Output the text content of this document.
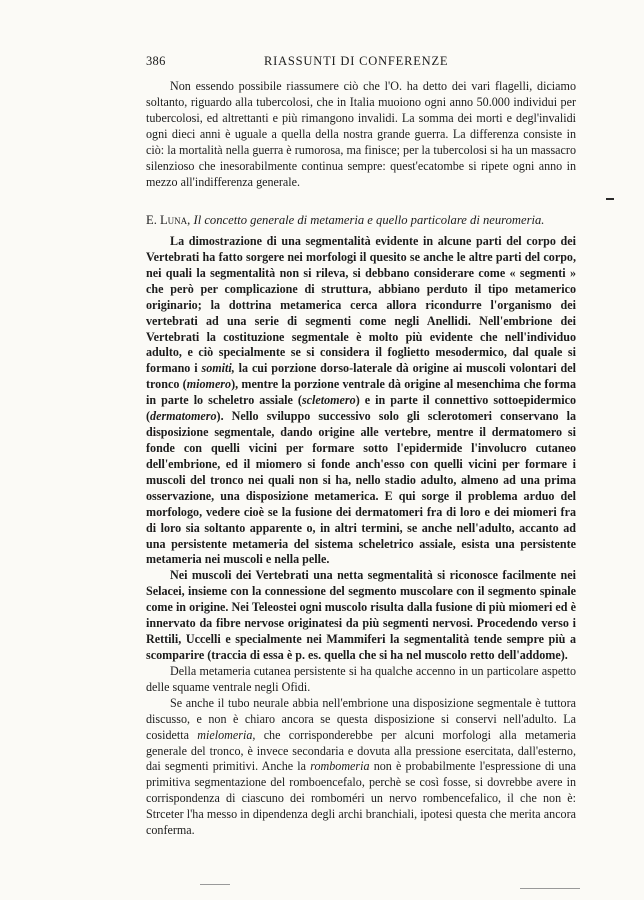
386	RIASSUNTI DI CONFERENZE

Non essendo possibile riassumere ciò che l'O. ha detto dei vari flagelli, diciamo soltanto, riguardo alla tubercolosi, che in Italia muoiono ogni anno 50.000 individui per tubercolosi, ed altrettanti e più rimangono invalidi. La somma dei morti e degl'invalidi ogni dieci anni è uguale a quella della nostra grande guerra. La differenza consiste in ciò: la mortalità nella guerra è rumorosa, ma finisce; per la tubercolosi si ha un massacro silenzioso che inesorabilmente continua sempre: quest'ecatombe si ripete ogni anno in mezzo all'indifferenza generale.

E. Luna, Il concetto generale di metameria e quello particolare di neuromeria.

La dimostrazione di una segmentalità evidente in alcune parti del corpo dei Vertebrati ha fatto sorgere nei morfologi il quesito se anche le altre parti del corpo, nei quali la segmentalità non si rileva, si debbano considerare come « segmenti » che però per complicazione di struttura, abbiano perduto il tipo metamerico originario; la dottrina metamerica cerca allora ricondurre l'organismo dei vertebrati ad una serie di segmenti come negli Anellidi. Nell'embrione dei Vertebrati la costituzione segmentale è molto più evidente che nell'individuo adulto, e ciò specialmente se si considera il foglietto mesodermico, dal quale si formano i somiti, la cui porzione dorso-laterale dà origine ai muscoli volontari del tronco (miomero), mentre la porzione ventrale dà origine al mesenchima che forma in parte lo scheletro assiale (scletomero) e in parte il connettivo sottoepidermico (dermatomero). Nello sviluppo successivo solo gli sclerotomeri conservano la disposizione segmentale, dando origine alle vertebre, mentre il dermatomero si fonde con quelli vicini per formare sotto l'epidermide l'involucro cutaneo dell'embrione, ed il miomero si fonde anch'esso con quelli vicini per formare i muscoli del tronco nei quali non si ha, nello stadio adulto, almeno ad una prima osservazione, una disposizione metamerica. E qui sorge il problema arduo del morfologo, vedere cioè se la fusione dei dermatomeri fra di loro e dei miomeri fra di loro sia soltanto apparente o, in altri termini, se anche nell'adulto, accanto ad una persistente metameria del sistema scheletrico assiale, esista una persistente metameria nei muscoli e nella pelle.

Nei muscoli dei Vertebrati una netta segmentalità si riconosce facilmente nei Selacei, insieme con la connessione del segmento muscolare con il segmento spinale come in origine. Nei Teleostei ogni muscolo risulta dalla fusione di più miomeri ed è innervato da fibre nervose originatesi da più segmenti nervosi. Procedendo verso i Rettili, Uccelli e specialmente nei Mammiferi la segmentalità tende sempre più a scomparire (traccia di essa è p. es. quella che si ha nel muscolo retto dell'addome).

Della metameria cutanea persistente si ha qualche accenno in un particolare aspetto delle squame ventrale negli Ofidi.

Se anche il tubo neurale abbia nell'embrione una disposizione segmentale è tuttora discusso, e non è chiaro ancora se questa disposizione si conservi nell'adulto. La cosidetta mielomeria, che corrisponderebbe per alcuni morfologi alla metameria generale del tronco, è invece secondaria e dovuta alla pressione esercitata, dall'esterno, dai segmenti primitivi. Anche la rombomeria non è probabilmente l'espressione di una primitiva segmentazione del romboencefalo, perchè se così fosse, si dovrebbe avere in corrispondenza di ciascuno dei romboméri un nervo rombencefalico, il che non è: Strceter l'ha messo in dipendenza degli archi branchiali, ipotesi questa che merita ancora conferma.
